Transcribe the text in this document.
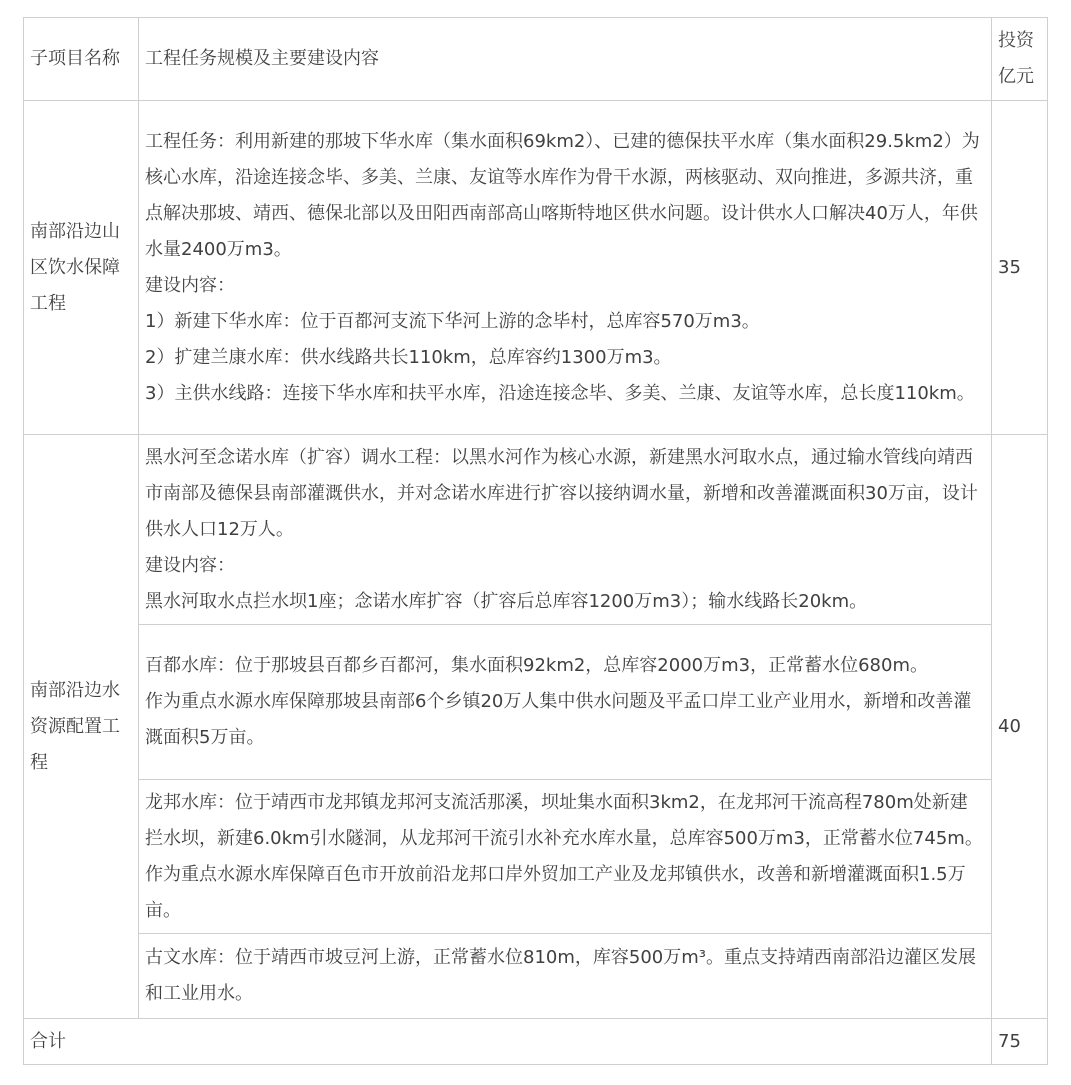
子项目名称	工程任务规模及主要建设内容	投资亿元
南部沿边山区饮水保障工程	工程任务：利用新建的那坡下华水库（集水面积69km2）、已建的德保扶平水库（集水面积29.5km2）为核心水库，沿途连接念毕、多美、兰康、友谊等水库作为骨干水源，两核驱动、双向推进，多源共济，重点解决那坡、靖西、德保北部以及田阳西南部高山喀斯特地区供水问题。设计供水人口解决40万人，年供水量2400万m3。
建设内容：
1）新建下华水库：位于百都河支流下华河上游的念毕村，总库容570万m3。
2）扩建兰康水库：供水线路共长110km，总库容约1300万m3。
3）主供水线路：连接下华水库和扶平水库，沿途连接念毕、多美、兰康、友谊等水库，总长度110km。	35
南部沿边水资源配置工程	黑水河至念诺水库（扩容）调水工程：以黑水河作为核心水源，新建黑水河取水点，通过输水管线向靖西市南部及德保县南部灌溉供水，并对念诺水库进行扩容以接纳调水量，新增和改善灌溉面积30万亩，设计供水人口12万人。
建设内容：
黑水河取水点拦水坝1座；念诺水库扩容（扩容后总库容1200万m3）；输水线路长20km。	40

	百都水库：位于那坡县百都乡百都河，集水面积92km2，总库容2000万m3，正常蓄水位680m。
作为重点水源水库保障那坡县南部6个乡镇20万人集中供水问题及平孟口岸工业产业用水，新增和改善灌溉面积5万亩。	

	龙邦水库：位于靖西市龙邦镇龙邦河支流活那溪，坝址集水面积3km2，在龙邦河干流高程780m处新建拦水坝，新建6.0km引水隧洞，从龙邦河干流引水补充水库水量，总库容500万m3，正常蓄水位745m。作为重点水源水库保障百色市开放前沿龙邦口岸外贸加工产业及龙邦镇供水，改善和新增灌溉面积1.5万亩。	

	古文水库：位于靖西市坡豆河上游，正常蓄水位810m，库容500万m³。重点支持靖西南部沿边灌区发展和工业用水。	

合计		75
